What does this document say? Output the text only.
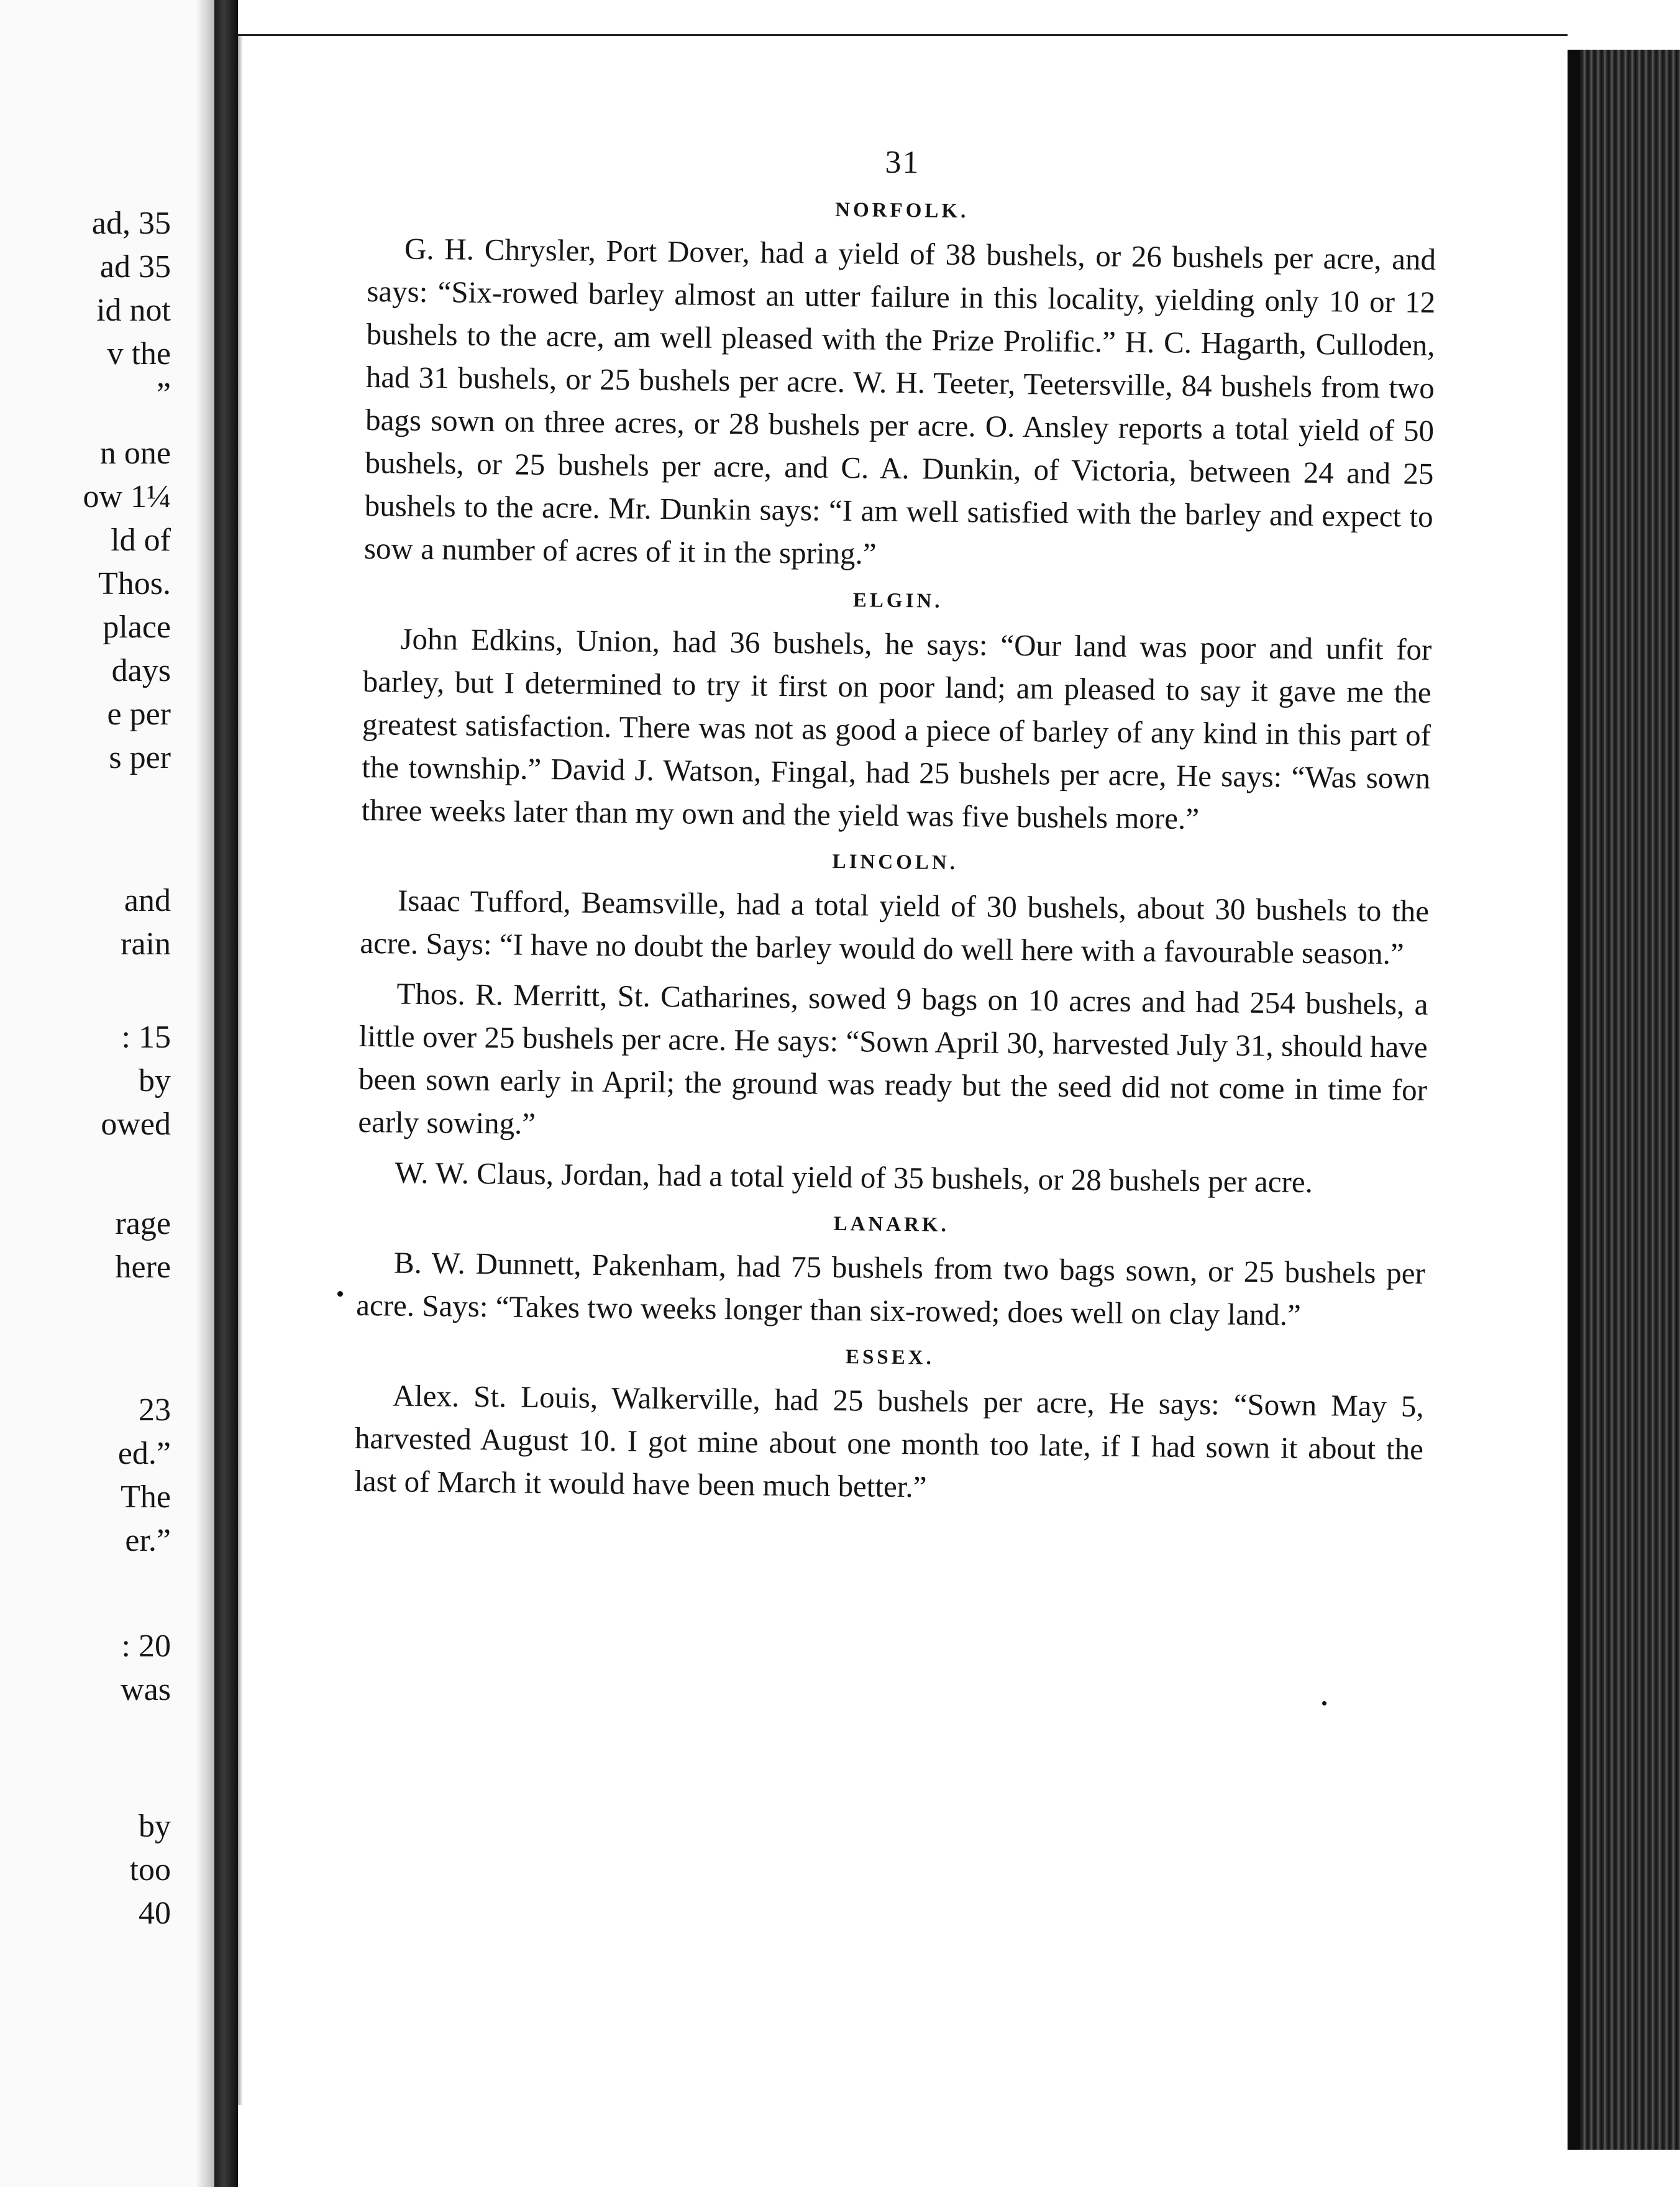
ad, 35
ad 35
id not
v the
”
n one
ow 1¼
ld of
Thos.
place
days
e per
s per
and
rain
: 15
by
owed
rage
here
23
ed.”
The
er.”
: 20
was
by
too
40
31
NORFOLK.

G. H. Chrysler, Port Dover, had a yield of 38 bushels, or 26 bushels per acre, and says: “Six-rowed barley almost an utter failure in this locality, yielding only 10 or 12 bushels to the acre, am well pleased with the Prize Prolific.” H. C. Hagarth, Culloden, had 31 bushels, or 25 bushels per acre. W. H. Teeter, Teetersville, 84 bushels from two bags sown on three acres, or 28 bushels per acre. O. Ansley reports a total yield of 50 bushels, or 25 bushels per acre, and C. A. Dunkin, of Victoria, between 24 and 25 bushels to the acre. Mr. Dunkin says: “I am well satisfied with the barley and expect to sow a number of acres of it in the spring.”

ELGIN.

John Edkins, Union, had 36 bushels, he says: “Our land was poor and unfit for barley, but I determined to try it first on poor land; am pleased to say it gave me the greatest satisfaction. There was not as good a piece of barley of any kind in this part of the township.” David J. Watson, Fingal, had 25 bushels per acre, He says: “Was sown three weeks later than my own and the yield was five bushels more.”

LINCOLN.

Isaac Tufford, Beamsville, had a total yield of 30 bushels, about 30 bushels to the acre. Says: “I have no doubt the barley would do well here with a favourable season.”

Thos. R. Merritt, St. Catharines, sowed 9 bags on 10 acres and had 254 bushels, a little over 25 bushels per acre. He says: “Sown April 30, harvested July 31, should have been sown early in April; the ground was ready but the seed did not come in time for early sowing.”

W. W. Claus, Jordan, had a total yield of 35 bushels, or 28 bushels per acre.

LANARK.

B. W. Dunnett, Pakenham, had 75 bushels from two bags sown, or 25 bushels per acre. Says: “Takes two weeks longer than six-rowed; does well on clay land.”

ESSEX.

Alex. St. Louis, Walkerville, had 25 bushels per acre, He says: “Sown May 5, harvested August 10. I got mine about one month too late, if I had sown it about the last of March it would have been much better.”
